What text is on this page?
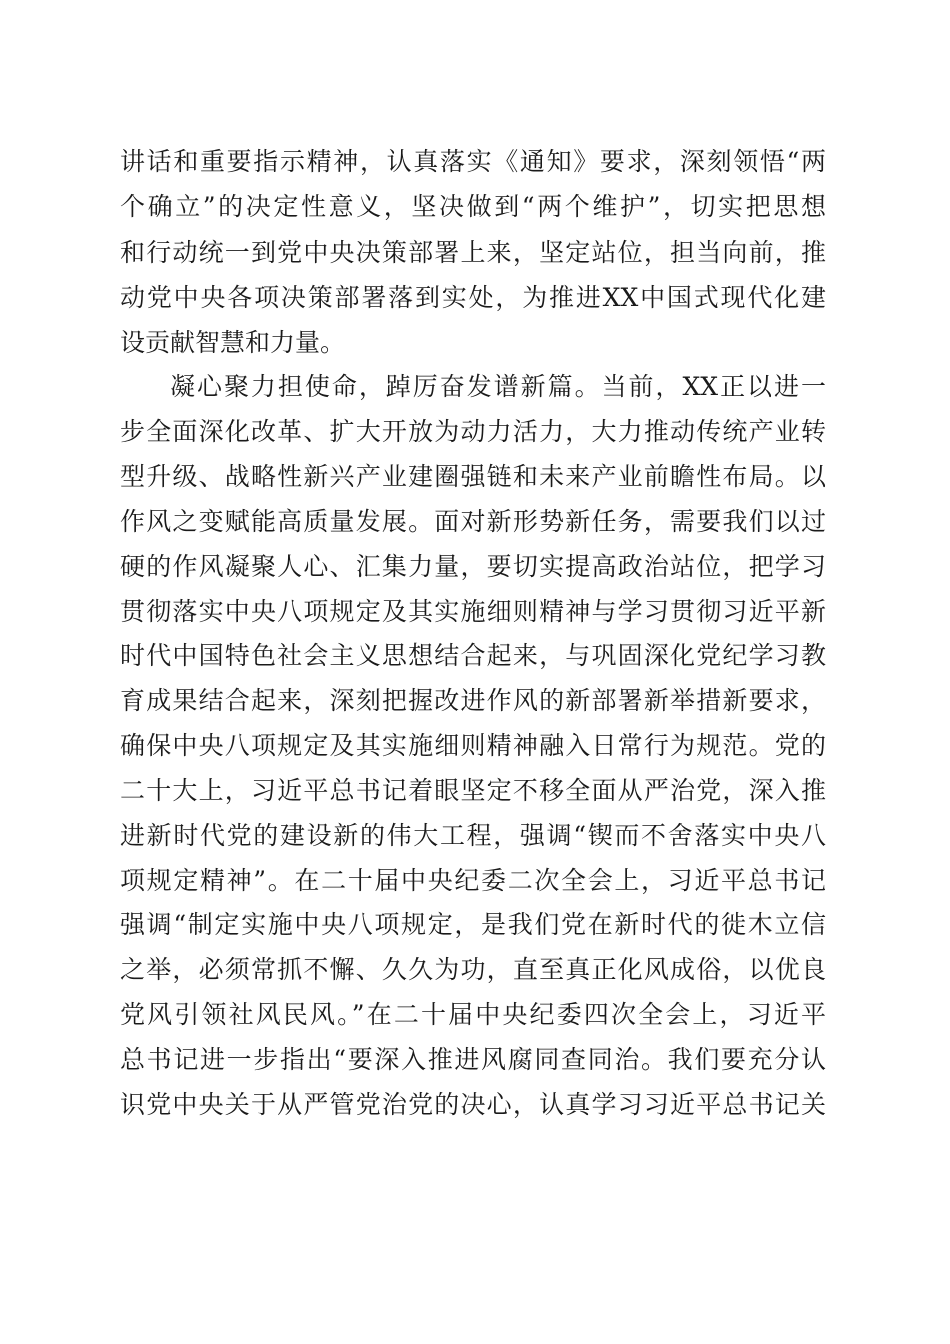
讲话和重要指示精神，认真落实《通知》要求，深刻领悟“两
个确立”的决定性意义，坚决做到“两个维护”，切实把思想
和行动统一到党中央决策部署上来，坚定站位，担当向前，推
动党中央各项决策部署落到实处，为推进XX中国式现代化建
设贡献智慧和力量。
凝心聚力担使命，踔厉奋发谱新篇。当前，XX正以进一
步全面深化改革、扩大开放为动力活力，大力推动传统产业转
型升级、战略性新兴产业建圈强链和未来产业前瞻性布局。以
作风之变赋能高质量发展。面对新形势新任务，需要我们以过
硬的作风凝聚人心、汇集力量，要切实提高政治站位，把学习
贯彻落实中央八项规定及其实施细则精神与学习贯彻习近平新
时代中国特色社会主义思想结合起来，与巩固深化党纪学习教
育成果结合起来，深刻把握改进作风的新部署新举措新要求，
确保中央八项规定及其实施细则精神融入日常行为规范。党的
二十大上，习近平总书记着眼坚定不移全面从严治党，深入推
进新时代党的建设新的伟大工程，强调“锲而不舍落实中央八
项规定精神”。在二十届中央纪委二次全会上，习近平总书记
强调“制定实施中央八项规定，是我们党在新时代的徙木立信
之举，必须常抓不懈、久久为功，直至真正化风成俗，以优良
党风引领社风民风。”在二十届中央纪委四次全会上，习近平
总书记进一步指出“要深入推进风腐同查同治。我们要充分认
识党中央关于从严管党治党的决心，认真学习习近平总书记关
